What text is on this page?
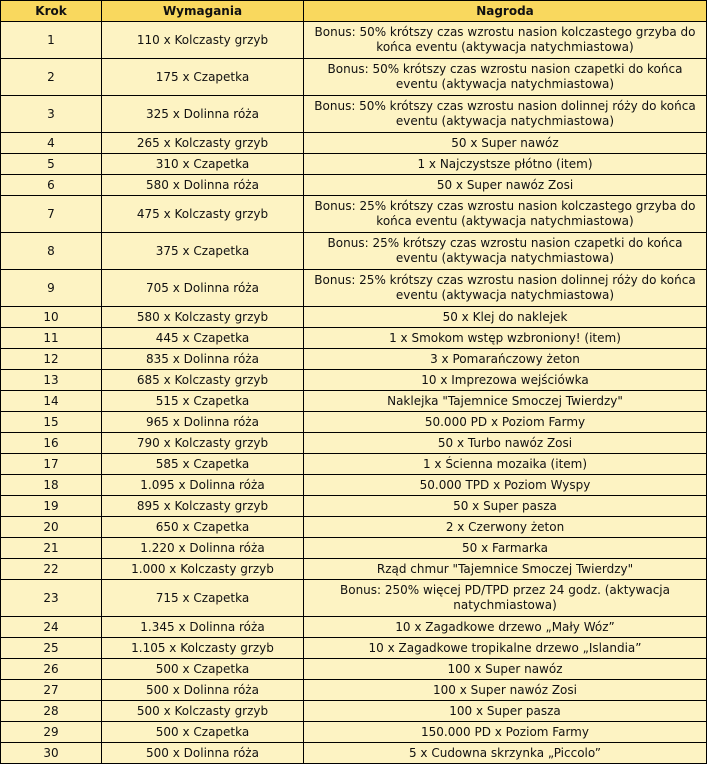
Krok	Wymagania	Nagroda
1	110 x Kolczasty grzyb	Bonus: 50% krótszy czas wzrostu nasion kolczastego grzyba do końca eventu (aktywacja natychmiastowa)
2	175 x Czapetka	Bonus: 50% krótszy czas wzrostu nasion czapetki do końca eventu (aktywacja natychmiastowa)
3	325 x Dolinna róża	Bonus: 50% krótszy czas wzrostu nasion dolinnej róży do końca eventu (aktywacja natychmiastowa)
4	265 x Kolczasty grzyb	50 x Super nawóz
5	310 x Czapetka	1 x Najczystsze płótno (item)
6	580 x Dolinna róża	50 x Super nawóz Zosi
7	475 x Kolczasty grzyb	Bonus: 25% krótszy czas wzrostu nasion kolczastego grzyba do końca eventu (aktywacja natychmiastowa)
8	375 x Czapetka	Bonus: 25% krótszy czas wzrostu nasion czapetki do końca eventu (aktywacja natychmiastowa)
9	705 x Dolinna róża	Bonus: 25% krótszy czas wzrostu nasion dolinnej róży do końca eventu (aktywacja natychmiastowa)
10	580 x Kolczasty grzyb	50 x Klej do naklejek
11	445 x Czapetka	1 x Smokom wstęp wzbroniony! (item)
12	835 x Dolinna róża	3 x Pomarańczowy żeton
13	685 x Kolczasty grzyb	10 x Imprezowa wejściówka
14	515 x Czapetka	Naklejka "Tajemnice Smoczej Twierdzy"
15	965 x Dolinna róża	50.000 PD x Poziom Farmy
16	790 x Kolczasty grzyb	50 x Turbo nawóz Zosi
17	585 x Czapetka	1 x Ścienna mozaika (item)
18	1.095 x Dolinna róża	50.000 TPD x Poziom Wyspy
19	895 x Kolczasty grzyb	50 x Super pasza
20	650 x Czapetka	2 x Czerwony żeton
21	1.220 x Dolinna róża	50 x Farmarka
22	1.000 x Kolczasty grzyb	Rząd chmur "Tajemnice Smoczej Twierdzy"
23	715 x Czapetka	Bonus: 250% więcej PD/TPD przez 24 godz. (aktywacja natychmiastowa)
24	1.345 x Dolinna róża	10 x Zagadkowe drzewo „Mały Wóz”
25	1.105 x Kolczasty grzyb	10 x Zagadkowe tropikalne drzewo „Islandia”
26	500 x Czapetka	100 x Super nawóz
27	500 x Dolinna róża	100 x Super nawóz Zosi
28	500 x Kolczasty grzyb	100 x Super pasza
29	500 x Czapetka	150.000 PD x Poziom Farmy
30	500 x Dolinna róża	5 x Cudowna skrzynka „Piccolo”
